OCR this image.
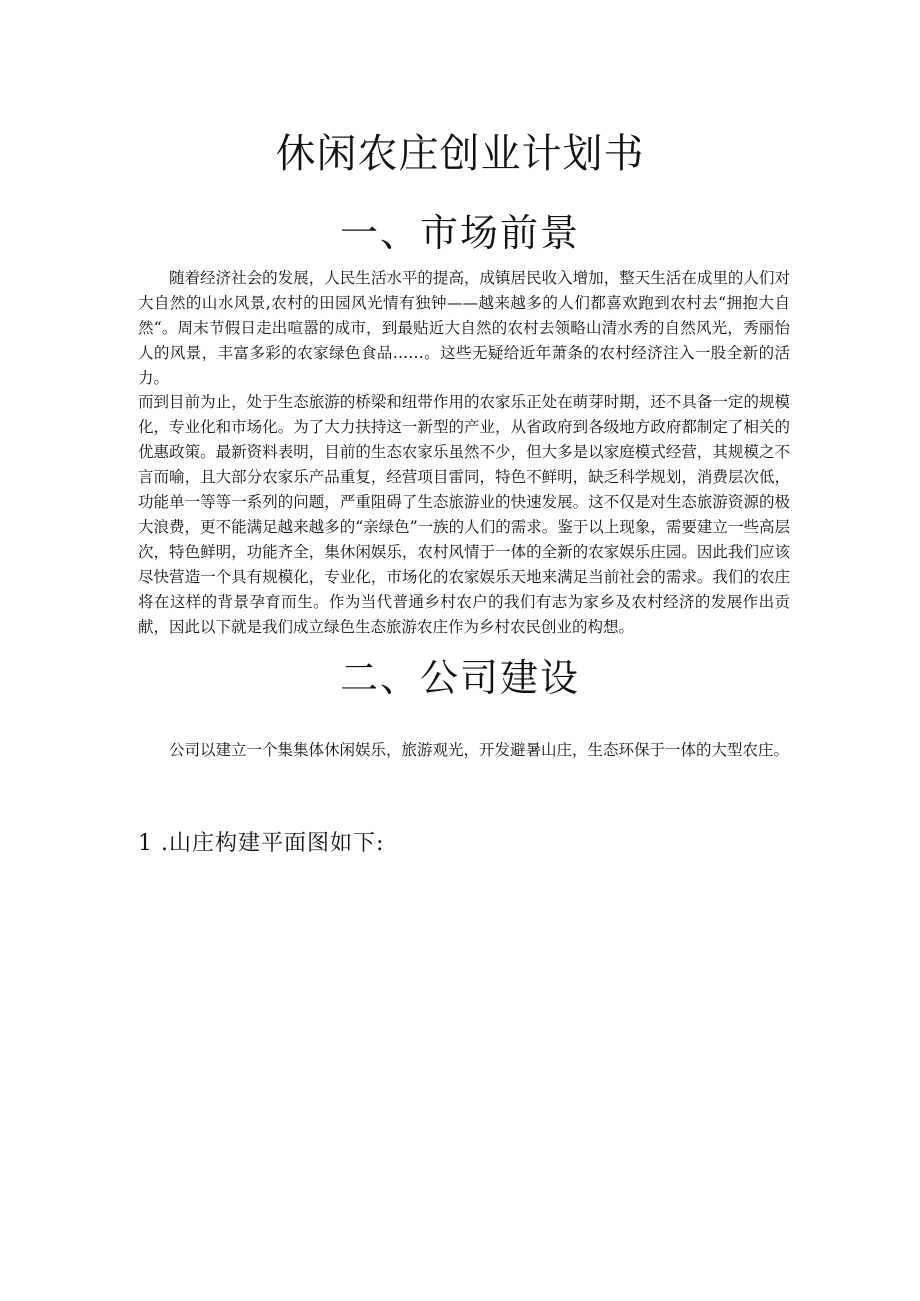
休闲农庄创业计划书
一、市场前景

随着经济社会的发展，人民生活水平的提高，成镇居民收入增加，整天生活在成里的人们对大自然的山水风景,农村的田园风光情有独钟——越来越多的人们都喜欢跑到农村去“拥抱大自然“。周末节假日走出喧嚣的成市，到最贴近大自然的农村去领略山清水秀的自然风光，秀丽怡人的风景，丰富多彩的农家绿色食品……。这些无疑给近年萧条的农村经济注入一股全新的活力。

而到目前为止，处于生态旅游的桥梁和纽带作用的农家乐正处在萌芽时期，还不具备一定的规模化，专业化和市场化。为了大力扶持这一新型的产业，从省政府到各级地方政府都制定了相关的优惠政策。最新资料表明，目前的生态农家乐虽然不少，但大多是以家庭模式经营，其规模之不言而喻，且大部分农家乐产品重复，经营项目雷同，特色不鲜明，缺乏科学规划，消费层次低，功能单一等等一系列的问题，严重阻碍了生态旅游业的快速发展。这不仅是对生态旅游资源的极大浪费，更不能满足越来越多的“亲绿色”一族的人们的需求。鉴于以上现象，需要建立一些高层次，特色鲜明，功能齐全，集休闲娱乐，农村风情于一体的全新的农家娱乐庄园。因此我们应该尽快营造一个具有规模化，专业化，市场化的农家娱乐天地来满足当前社会的需求。我们的农庄将在这样的背景孕育而生。作为当代普通乡村农户的我们有志为家乡及农村经济的发展作出贡献，因此以下就是我们成立绿色生态旅游农庄作为乡村农民创业的构想。

二、公司建设

公司以建立一个集集体休闲娱乐，旅游观光，开发避暑山庄，生态环保于一体的大型农庄。

1 .山庄构建平面图如下:
